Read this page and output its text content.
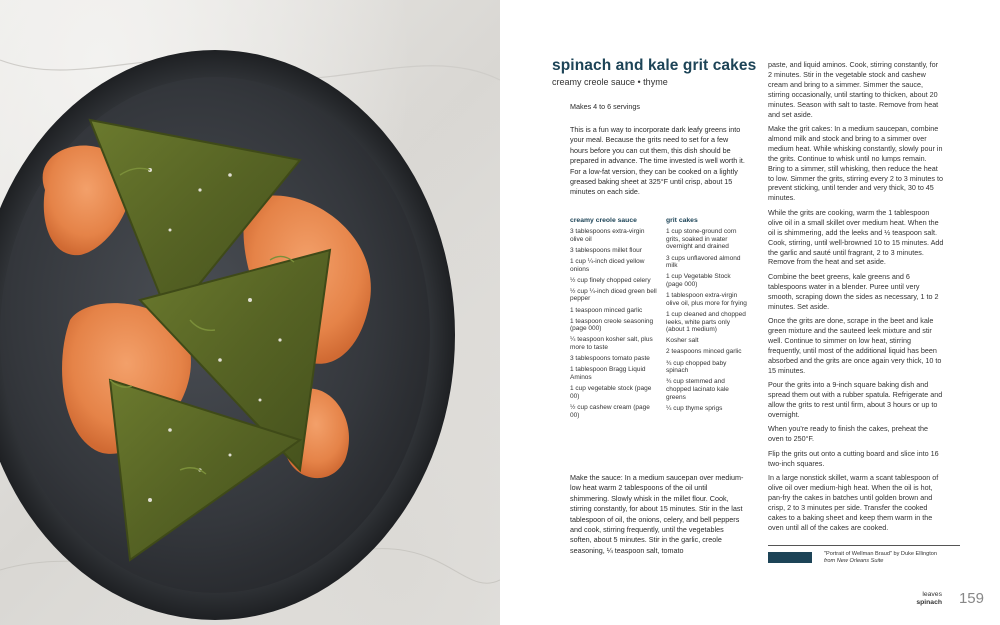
spinach and kale grit cakes
creamy creole sauce • thyme

Makes 4 to 6 servings

This is a fun way to incorporate dark leafy greens into your meal. Because the grits need to set for a few hours before you can cut them, this dish should be prepared in advance. The time invested is well worth it. For a low-fat version, they can be cooked on a lightly greased baking sheet at 325°F until crisp, about 15 minutes on each side.

creamy creole sauce
3 tablespoons extra-virgin olive oil
3 tablespoons millet flour
1 cup ¼-inch diced yellow onions
½ cup finely chopped celery
½ cup ¼-inch diced green bell pepper
1 teaspoon minced garlic
1 teaspoon creole seasoning (page 000)
¼ teaspoon kosher salt, plus more to taste
3 tablespoons tomato paste
1 tablespoon Bragg Liquid Aminos
1 cup vegetable stock (page 00)
½ cup cashew cream (page 00)
grit cakes
1 cup stone-ground corn grits, soaked in water overnight and drained
3 cups unflavored almond milk
1 cup Vegetable Stock (page 000)
1 tablespoon extra-virgin olive oil, plus more for frying
1 cup cleaned and chopped leeks, white parts only (about 1 medium)
Kosher salt
2 teaspoons minced garlic
¾ cup chopped baby spinach
¾ cup stemmed and chopped lacinato kale greens
¼ cup thyme sprigs

Make the sauce: In a medium saucepan over medium-low heat warm 2 tablespoons of the oil until shimmering. Slowly whisk in the millet flour. Cook, stirring constantly, for about 15 minutes. Stir in the last tablespoon of oil, the onions, celery, and bell peppers and cook, stirring frequently, until the vegetables soften, about 5 minutes. Stir in the garlic, creole seasoning, ¼ teaspoon salt, tomato

paste, and liquid aminos. Cook, stirring constantly, for 2 minutes. Stir in the vegetable stock and cashew cream and bring to a simmer. Simmer the sauce, stirring occasionally, until starting to thicken, about 20 minutes. Season with salt to taste. Remove from heat and set aside.

Make the grit cakes: In a medium saucepan, combine almond milk and stock and bring to a simmer over medium heat. While whisking constantly, slowly pour in the grits. Continue to whisk until no lumps remain. Bring to a simmer, still whisking, then reduce the heat to low. Simmer the grits, stirring every 2 to 3 minutes to prevent sticking, until tender and very thick, 30 to 45 minutes.

While the grits are cooking, warm the 1 tablespoon olive oil in a small skillet over medium heat. When the oil is shimmering, add the leeks and ½ teaspoon salt. Cook, stirring, until well-browned 10 to 15 minutes. Add the garlic and sauté until fragrant, 2 to 3 minutes. Remove from the heat and set aside.

Combine the beet greens, kale greens and 6 tablespoons water in a blender. Puree until very smooth, scraping down the sides as necessary, 1 to 2 minutes. Set aside.

Once the grits are done, scrape in the beet and kale green mixture and the sauteed leek mixture and stir well. Continue to simmer on low heat, stirring frequently, until most of the additional liquid has been absorbed and the grits are once again very thick, 10 to 15 minutes.

Pour the grits into a 9-inch square baking dish and spread them out with a rubber spatula. Refrigerate and allow the grits to rest until firm, about 3 hours or up to overnight.

When you're ready to finish the cakes, preheat the oven to 250°F.

Flip the grits out onto a cutting board and slice into 16 two-inch squares.

In a large nonstick skillet, warm a scant tablespoon of olive oil over medium-high heat. When the oil is hot, pan-fry the cakes in batches until golden brown and crisp, 2 to 3 minutes per side. Transfer the cooked cakes to a baking sheet and keep them warm in the oven until all of the cakes are cooked.

"Portrait of Wellman Braud" by Duke Ellington
from New Orleans Suite
leaves
spinach 159
